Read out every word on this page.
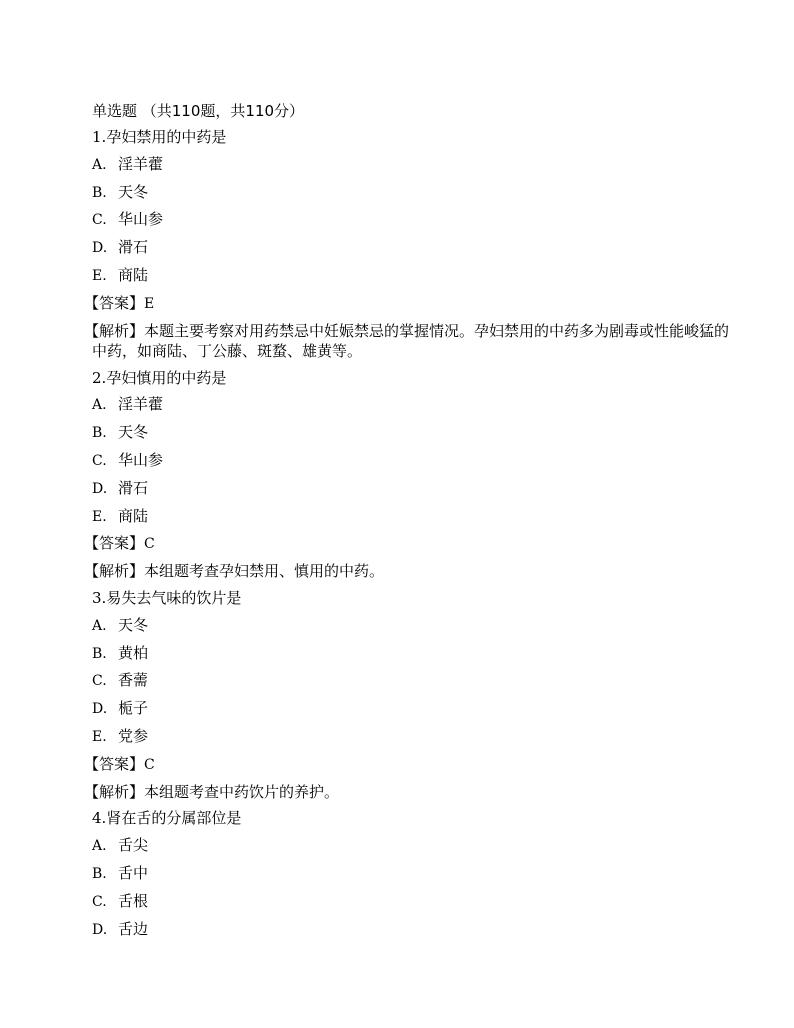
单选题 （共110题，共110分）
1.孕妇禁用的中药是
A. 淫羊藿
B. 天冬
C. 华山参
D. 滑石
E. 商陆
【答案】E
【解析】本题主要考察对用药禁忌中妊娠禁忌的掌握情况。孕妇禁用的中药多为剧毒或性能峻猛的中药，如商陆、丁公藤、斑蝥、雄黄等。
2.孕妇慎用的中药是
A. 淫羊藿
B. 天冬
C. 华山参
D. 滑石
E. 商陆
【答案】C
【解析】本组题考查孕妇禁用、慎用的中药。
3.易失去气味的饮片是
A. 天冬
B. 黄柏
C. 香薷
D. 栀子
E. 党参
【答案】C
【解析】本组题考查中药饮片的养护。
4.肾在舌的分属部位是
A. 舌尖
B. 舌中
C. 舌根
D. 舌边
